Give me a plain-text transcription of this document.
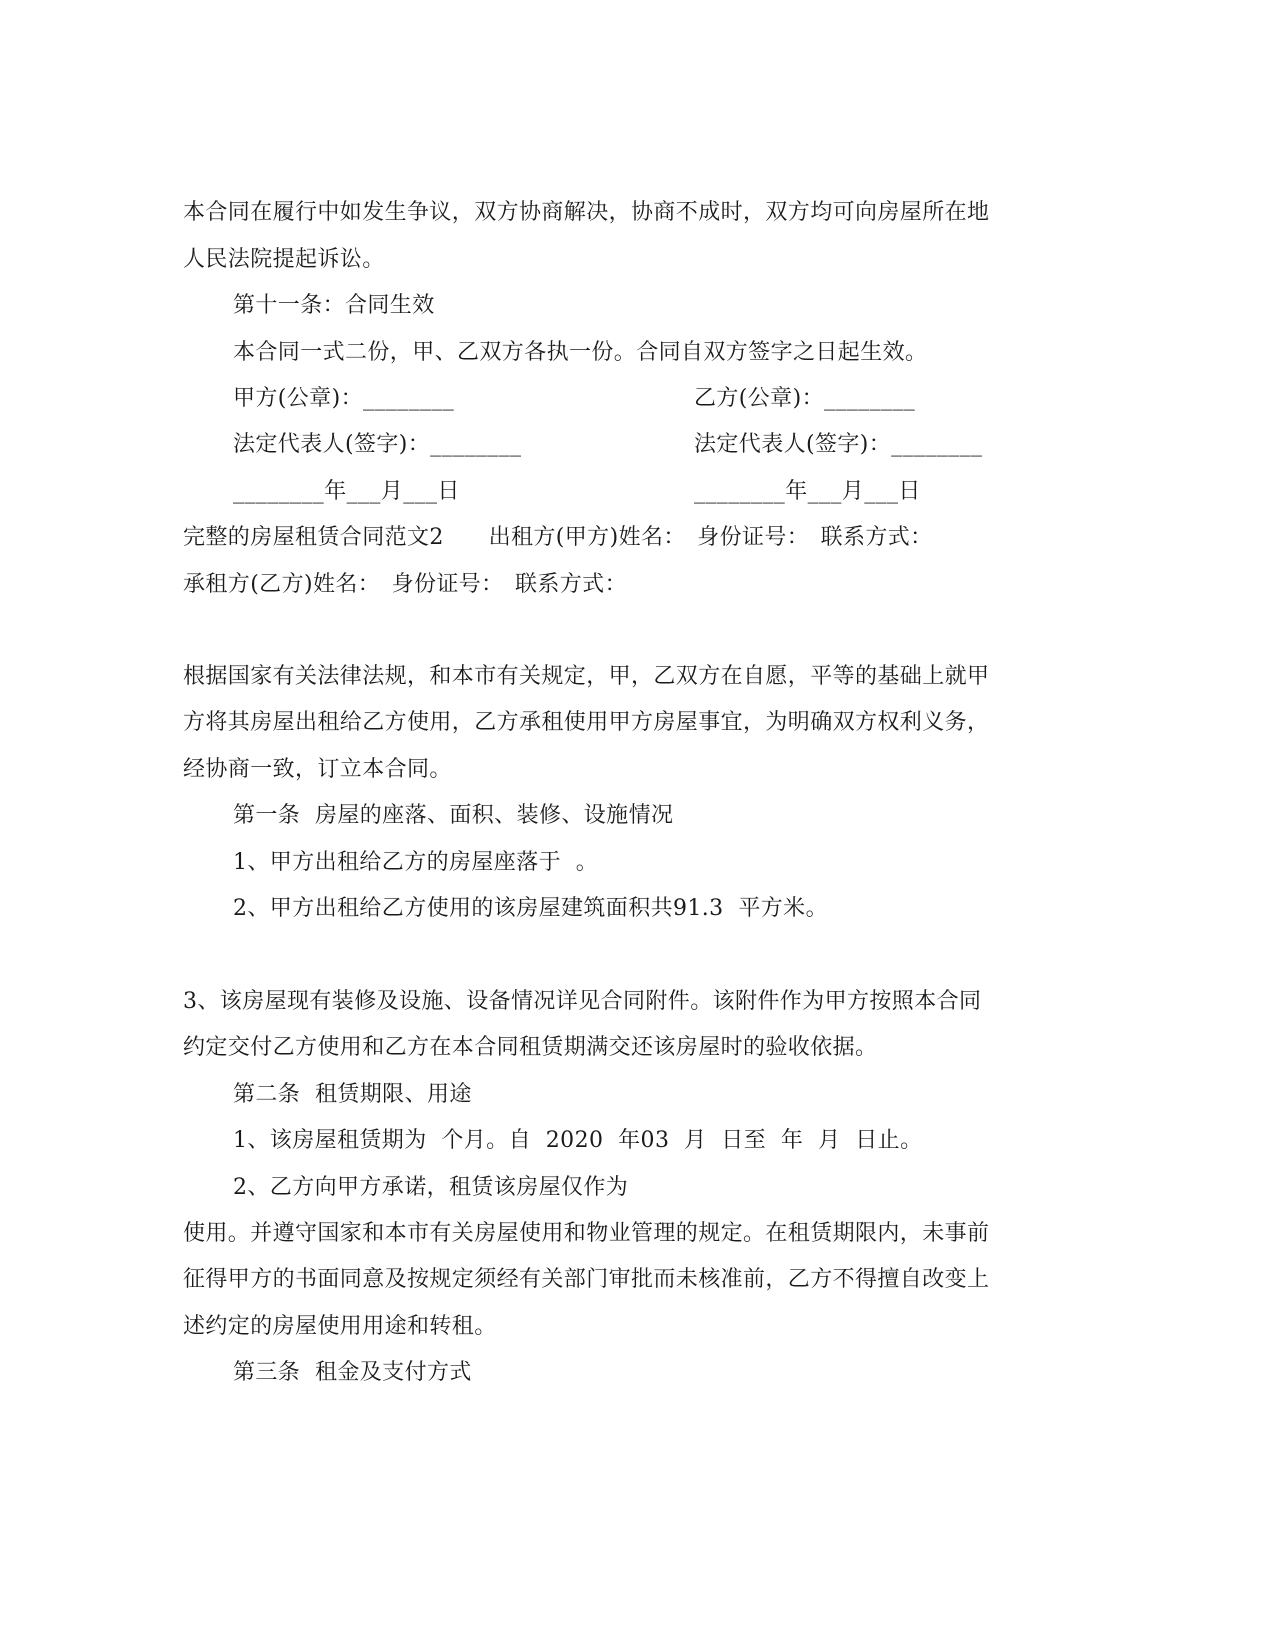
本合同在履行中如发生争议，双方协商解决，协商不成时，双方均可向房屋所在地
人民法院提起诉讼。
第十一条：合同生效
本合同一式二份，甲、乙双方各执一份。合同自双方签字之日起生效。
甲方(公章)：________	乙方(公章)：________
法定代表人(签字)：________	法定代表人(签字)：________
________年___月___日	________年___月___日
完整的房屋租赁合同范文2　　出租方(甲方)姓名：　身份证号：　联系方式：
承租方(乙方)姓名：　身份证号：　联系方式：
根据国家有关法律法规，和本市有关规定，甲，乙双方在自愿，平等的基础上就甲
方将其房屋出租给乙方使用，乙方承租使用甲方房屋事宜，为明确双方权利义务，
经协商一致，订立本合同。
第一条  房屋的座落、面积、装修、设施情况
1、甲方出租给乙方的房屋座落于  。
2、甲方出租给乙方使用的该房屋建筑面积共91.3  平方米。
3、该房屋现有装修及设施、设备情况详见合同附件。该附件作为甲方按照本合同
约定交付乙方使用和乙方在本合同租赁期满交还该房屋时的验收依据。
第二条  租赁期限、用途
1、该房屋租赁期为  个月。自  2020  年03  月  日至  年  月  日止。
2、乙方向甲方承诺，租赁该房屋仅作为
使用。并遵守国家和本市有关房屋使用和物业管理的规定。在租赁期限内，未事前
征得甲方的书面同意及按规定须经有关部门审批而未核准前，乙方不得擅自改变上
述约定的房屋使用用途和转租。
第三条  租金及支付方式
